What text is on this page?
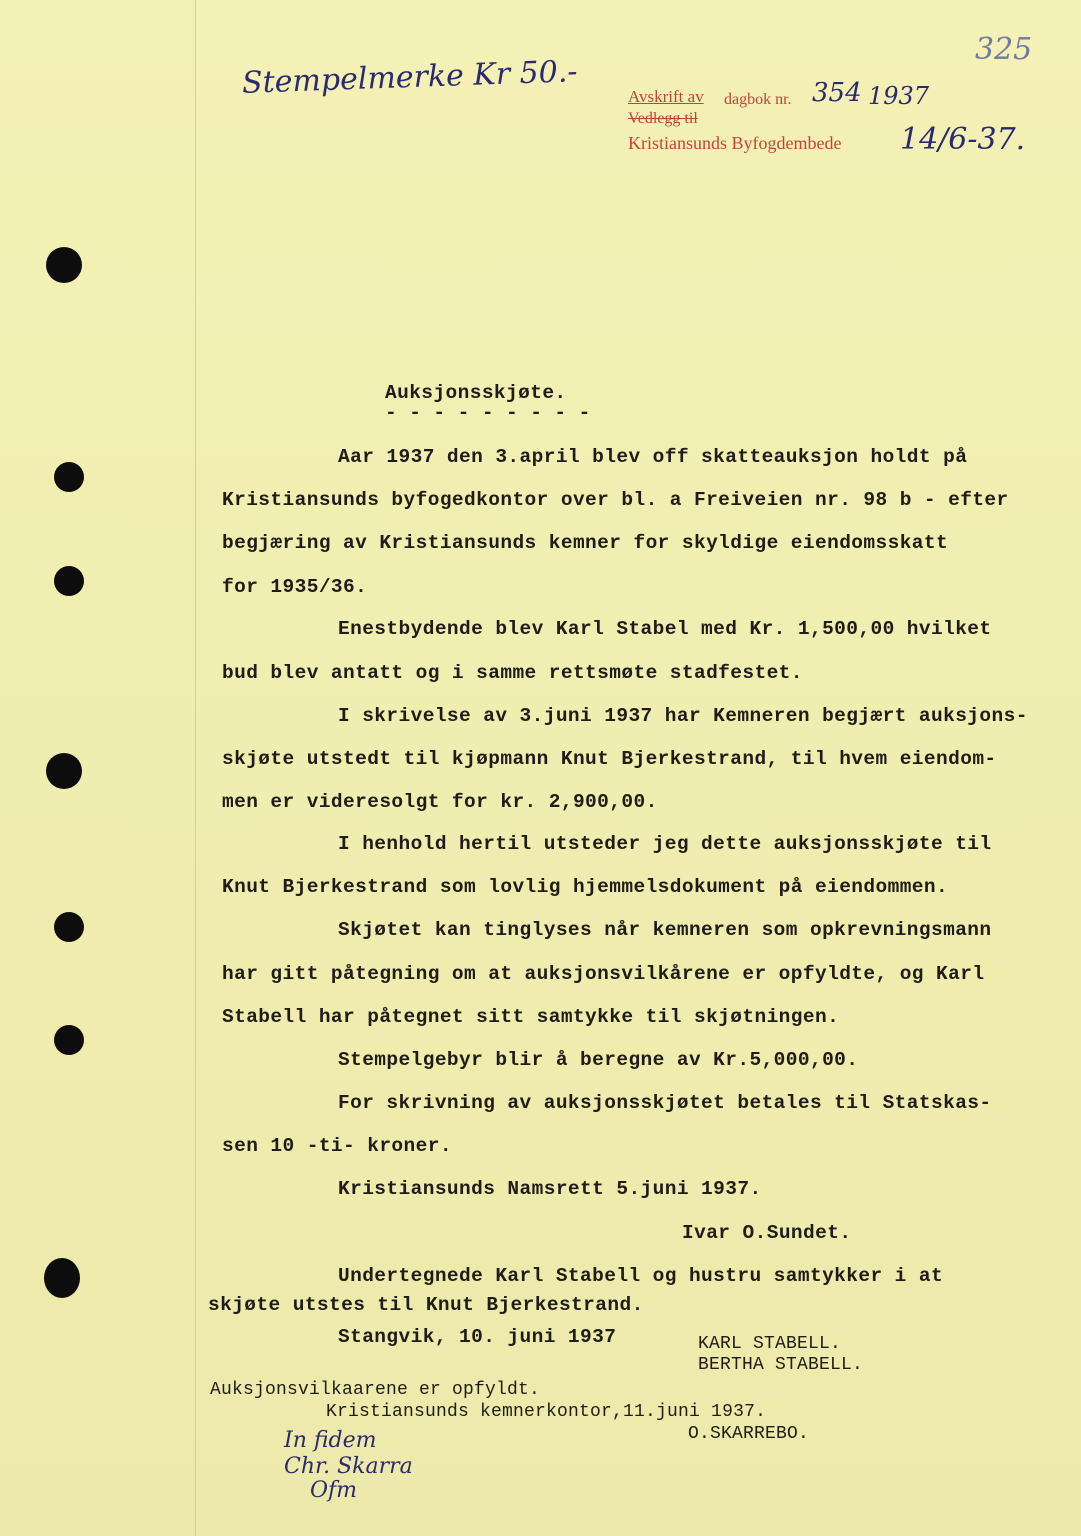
Stempelmerke Kr 50.-
325
Avskrift av dagbok nr. 354 1937
Vedlegg til
Kristiansunds Byfogdembede 14/6-37.
Auksjonsskjøte.
- - - - - - - - -
Aar 1937 den 3.april blev off skatteauksjon holdt på
Kristiansunds byfogedkontor over bl. a Freiveien nr. 98 b - efter
begjæring av Kristiansunds kemner for skyldige eiendomsskatt
for 1935/36.
Enestbydende blev Karl Stabel med Kr. 1,500,00 hvilket
bud blev antatt og i samme rettsmøte stadfestet.
I skrivelse av 3.juni 1937 har Kemneren begjært auksjons-
skjøte utstedt til kjøpmann Knut Bjerkestrand, til hvem eiendom-
men er videresolgt for kr. 2,900,00.
I henhold hertil utsteder jeg dette auksjonsskjøte til
Knut Bjerkestrand som lovlig hjemmelsdokument på eiendommen.
Skjøtet kan tinglyses når kemneren som opkrevningsmann
har gitt påtegning om at auksjonsvilkårene er opfyldte, og Karl
Stabell har påtegnet sitt samtykke til skjøtningen.
Stempelgebyr blir å beregne av Kr.5,000,00.
For skrivning av auksjonsskjøtet betales til Statskas-
sen 10 -ti- kroner.
Kristiansunds Namsrett 5.juni 1937.
Ivar O.Sundet.
Undertegnede Karl Stabell og hustru samtykker i at
skjøte utstes til Knut Bjerkestrand.
Stangvik, 10. juni 1937	KARL STABELL.
BERTHA STABELL.
Auksjonsvilkaarene er opfyldt.
Kristiansunds kemnerkontor,11.juni 1937.
O.SKARREBO.
In fidem
Chr. Skarra
Ofm
